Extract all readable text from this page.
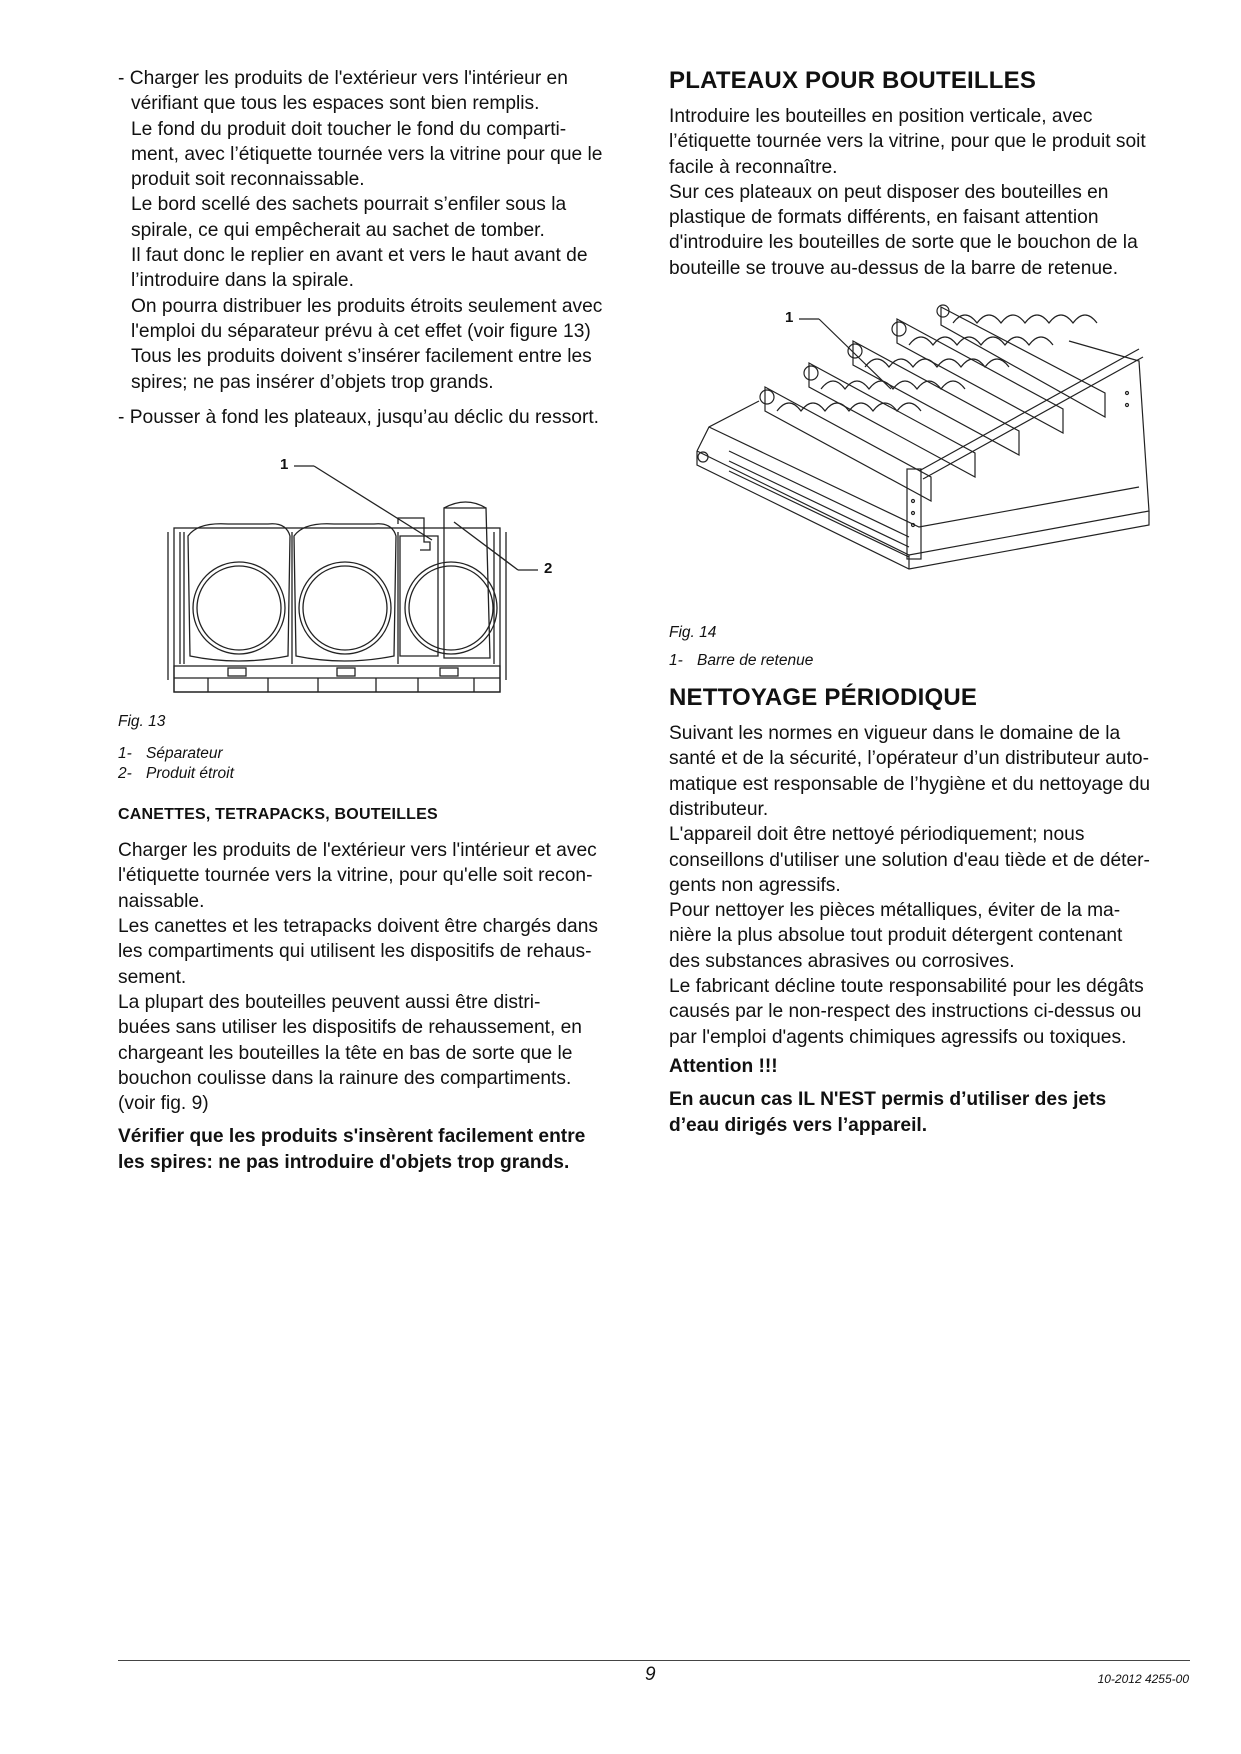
- Charger les produits de l'extérieur vers l'intérieur en

vérifiant que tous les espaces sont bien remplis.

Le fond du produit doit toucher le fond du comparti-

ment, avec l’étiquette tournée vers la vitrine pour que le

produit soit reconnaissable.

Le bord scellé des sachets pourrait s’enfiler sous la

spirale, ce qui empêcherait au sachet de tomber.

Il faut donc le replier en avant et vers le haut avant de

l’introduire dans la spirale.

On pourra distribuer les produits étroits seulement avec

l'emploi du séparateur prévu à cet effet (voir figure 13)

Tous les produits doivent s’insérer facilement entre les

spires; ne pas insérer d’objets trop grands.

- Pousser à fond les plateaux, jusqu’au déclic du ressort.

1
2

Fig. 13

1- Séparateur

2- Produit étroit

CANETTES, TETRAPACKS, BOUTEILLES

Charger les produits de l'extérieur vers l'intérieur et avec

l'étiquette tournée vers la vitrine, pour qu'elle soit recon-

naissable.

Les canettes et les tetrapacks doivent être chargés dans

les compartiments qui utilisent les dispositifs de rehaus-

sement.

La plupart des bouteilles peuvent aussi être distri-

buées sans utiliser les dispositifs de rehaussement, en

chargeant les bouteilles la tête en bas de sorte que le

bouchon coulisse dans la rainure des compartiments.

(voir fig. 9)

Vérifier que les produits s'insèrent facilement entre

les spires: ne pas introduire d'objets trop grands.

PLATEAUX POUR BOUTEILLES

Introduire les bouteilles en position verticale, avec

l’étiquette tournée vers la vitrine, pour que le produit soit

facile à reconnaître.

Sur ces plateaux on peut disposer des bouteilles en

plastique de formats différents, en faisant attention

d'introduire les bouteilles de sorte que le bouchon de la

bouteille se trouve au-dessus de la barre de retenue.

1

Fig. 14

1- Barre de retenue

NETTOYAGE PÉRIODIQUE

Suivant les normes en vigueur dans le domaine de la

santé et de la sécurité, l’opérateur d’un distributeur auto-

matique est responsable de l’hygiène et du nettoyage du

distributeur.

L'appareil doit être nettoyé périodiquement; nous

conseillons d'utiliser une solution d'eau tiède et de déter-

gents non agressifs.

Pour nettoyer les pièces métalliques, éviter de la ma-

nière la plus absolue tout produit détergent contenant

des substances abrasives ou corrosives.

Le fabricant décline toute responsabilité pour les dégâts

causés par le non-respect des instructions ci-dessus ou

par l'emploi d'agents chimiques agressifs ou toxiques.

Attention !!!

En aucun cas IL N'EST permis d’utiliser des jets

d’eau dirigés vers l’appareil.

9	10-2012 4255-00
